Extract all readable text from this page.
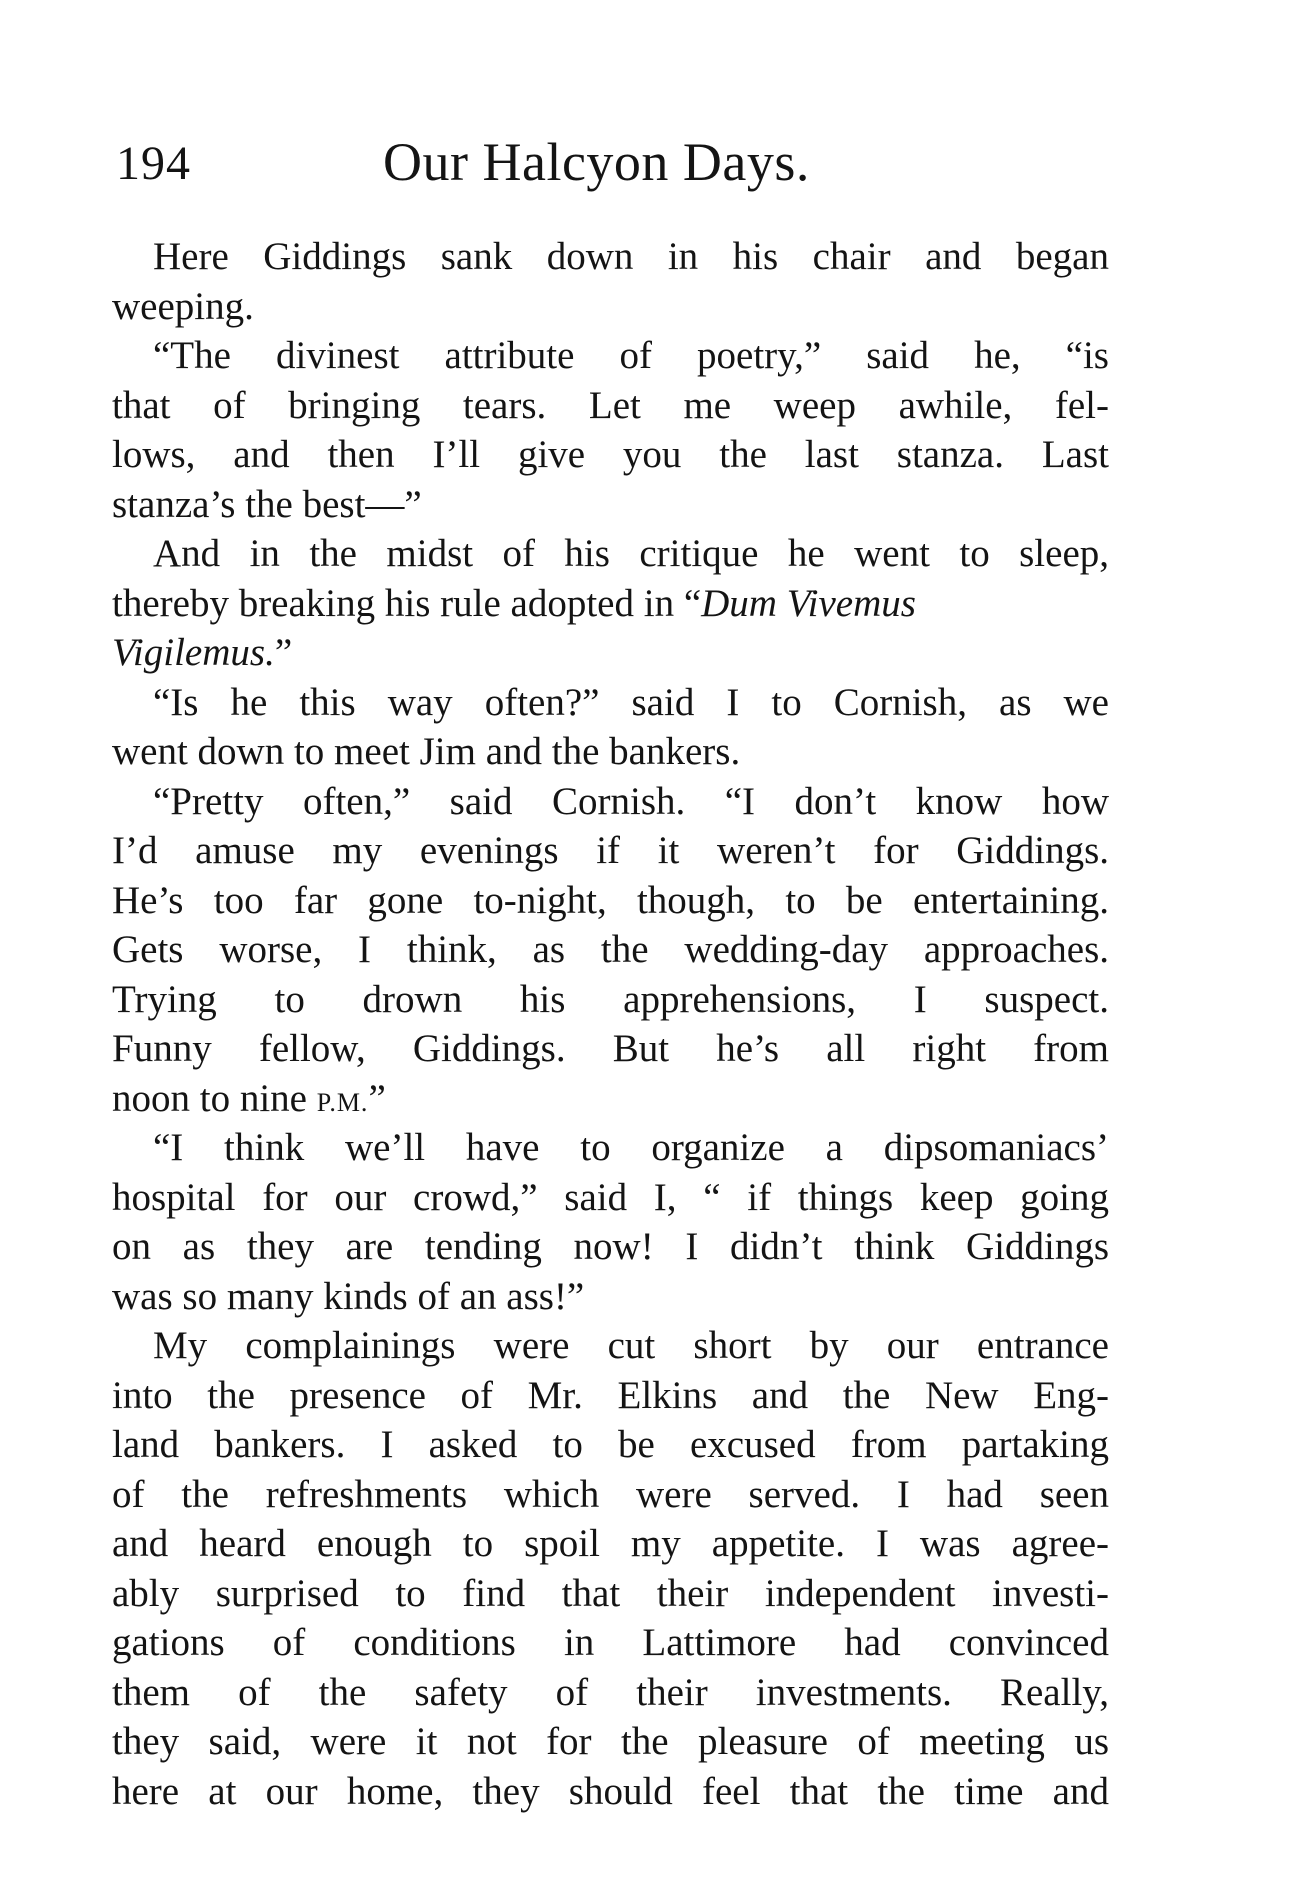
194	Our Halcyon Days.
Here Giddings sank down in his chair and began
weeping.
“The divinest attribute of poetry,” said he, “is
that of bringing tears. Let me weep awhile, fel-
lows, and then I’ll give you the last stanza. Last
stanza’s the best—”
And in the midst of his critique he went to sleep,
thereby breaking his rule adopted in “Dum Vivemus
Vigilemus.”
“Is he this way often?” said I to Cornish, as we
went down to meet Jim and the bankers.
“Pretty often,” said Cornish. “I don’t know how
I’d amuse my evenings if it weren’t for Giddings.
He’s too far gone to-night, though, to be entertaining.
Gets worse, I think, as the wedding-day approaches.
Trying to drown his apprehensions, I suspect.
Funny fellow, Giddings. But he’s all right from
noon to nine P.M.”
“I think we’ll have to organize a dipsomaniacs’
hospital for our crowd,” said I, “ if things keep going
on as they are tending now! I didn’t think Giddings
was so many kinds of an ass!”
My complainings were cut short by our entrance
into the presence of Mr. Elkins and the New Eng-
land bankers. I asked to be excused from partaking
of the refreshments which were served. I had seen
and heard enough to spoil my appetite. I was agree-
ably surprised to find that their independent investi-
gations of conditions in Lattimore had convinced
them of the safety of their investments. Really,
they said, were it not for the pleasure of meeting us
here at our home, they should feel that the time and
